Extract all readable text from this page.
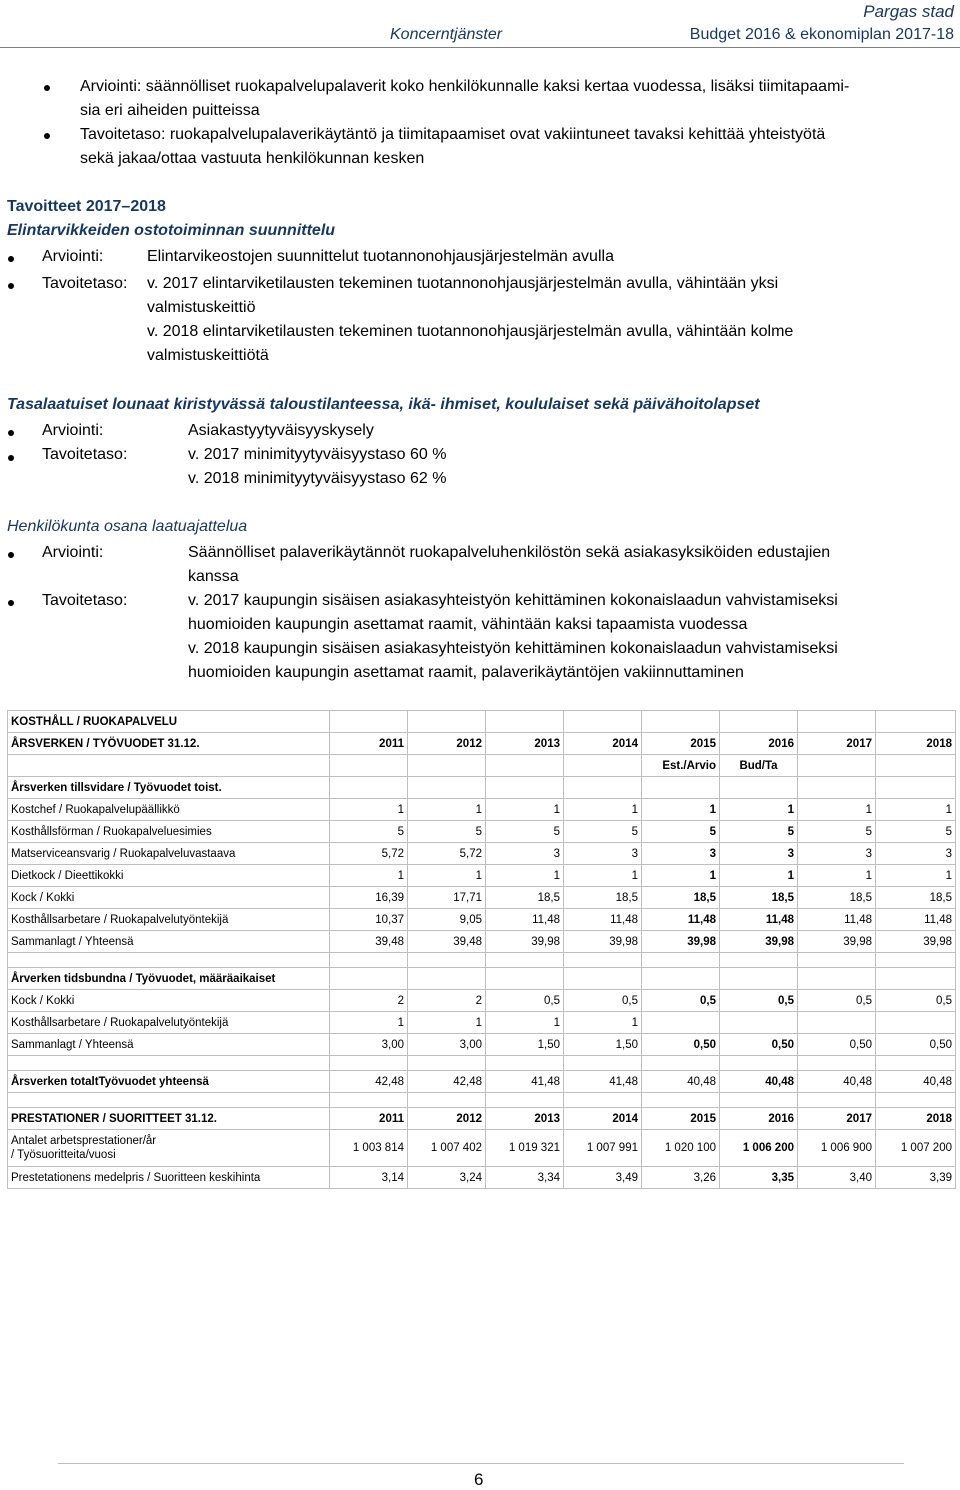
Pargas stad
Koncerntjänster	Budget 2016 & ekonomiplan 2017-18
Arviointi: säännölliset ruokapalvelupalaverit koko henkilökunnalle kaksi kertaa vuodessa, lisäksi tiimitapaami-
sia eri aiheiden puitteissa
Tavoitetaso: ruokapalvelupalaverikäytäntö ja tiimitapaamiset ovat vakiintuneet tavaksi kehittää yhteistyötä
sekä jakaa/ottaa vastuuta henkilökunnan kesken
Tavoitteet 2017–2018
Elintarvikkeiden ostotoiminnan suunnittelu
Arviointi:	Elintarvikeostojen suunnittelut tuotannonohjausjärjestelmän avulla
Tavoitetaso: v. 2017 elintarviketilausten tekeminen tuotannonohjausjärjestelmän avulla, vähintään yksi
valmistuskeittiö
v. 2018 elintarviketilausten tekeminen tuotannonohjausjärjestelmän avulla, vähintään kolme
valmistuskeittiötä
Tasalaatuiset lounaat kiristyvässä taloustilanteessa, ikä- ihmiset, koululaiset sekä päivähoitolapset
Arviointi:	Asiakastyytyväisyyskysely
Tavoitetaso:	v. 2017 minimityytyväisyystaso 60 %
v. 2018 minimityytyväisyystaso 62 %
Henkilökunta osana laatuajattelua
Arviointi:	Säännölliset palaverikäytännöt ruokapalveluhenkilöstön sekä asiakasyksiköiden edustajien
kanssa
Tavoitetaso:	v. 2017 kaupungin sisäisen asiakasyhteistyön kehittäminen kokonaislaadun vahvistamiseksi
huomioiden kaupungin asettamat raamit, vähintään kaksi tapaamista vuodessa
v. 2018 kaupungin sisäisen asiakasyhteistyön kehittäminen kokonaislaadun vahvistamiseksi
huomioiden kaupungin asettamat raamit, palaverikäytäntöjen vakiinnuttaminen
KOSTHÅLL / RUOKAPALVELU								
ÅRSVERKEN / TYÖVUODET 31.12.	2011	2012	2013	2014	2015	2016	2017	2018
					Est./Arvio	Bud/Ta		
Årsverken tillsvidare / Työvuodet toist.								
Kostchef / Ruokapalvelupäällikkö	1	1	1	1	1	1	1	1
Kosthållsförman / Ruokapalveluesimies	5	5	5	5	5	5	5	5
Matserviceansvarig / Ruokapalveluvastaava	5,72	5,72	3	3	3	3	3	3
Dietkock / Dieettikokki	1	1	1	1	1	1	1	1
Kock / Kokki	16,39	17,71	18,5	18,5	18,5	18,5	18,5	18,5
Kosthållsarbetare / Ruokapalvelutyöntekijä	10,37	9,05	11,48	11,48	11,48	11,48	11,48	11,48
Sammanlagt / Yhteensä	39,48	39,48	39,98	39,98	39,98	39,98	39,98	39,98

Årverken tidsbundna / Työvuodet, määräaikaiset								
Kock / Kokki	2	2	0,5	0,5	0,5	0,5	0,5	0,5
Kosthållsarbetare / Ruokapalvelutyöntekijä	1	1	1	1				
Sammanlagt / Yhteensä	3,00	3,00	1,50	1,50	0,50	0,50	0,50	0,50

Årsverken totaltTyövuodet yhteensä	42,48	42,48	41,48	41,48	40,48	40,48	40,48	40,48

PRESTATIONER / SUORITTEET 31.12.	2011	2012	2013	2014	2015	2016	2017	2018

Antalet arbetsprestationer/år
/ Työsuoritteita/vuosi	1 003 814	1 007 402	1 019 321	1 007 991	1 020 100	1 006 200	1 006 900	1 007 200
Prestetationens medelpris / Suoritteen keskihinta	3,14	3,24	3,34	3,49	3,26	3,35	3,40	3,39
6
